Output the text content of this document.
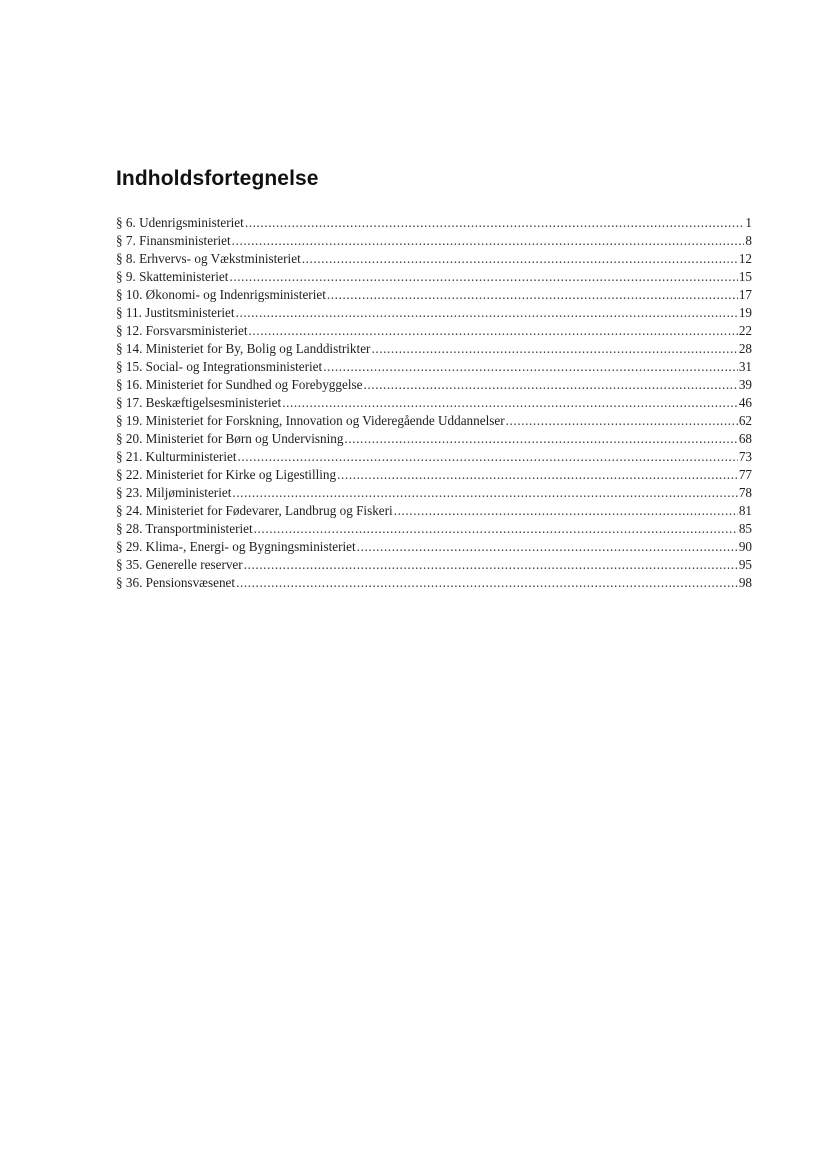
Indholdsfortegnelse
§ 6. Udenrigsministeriet .....	1
§ 7. Finansministeriet .....	8
§ 8. Erhvervs- og Vækstministeriet .....	12
§ 9. Skatteministeriet .....	15
§ 10. Økonomi- og Indenrigsministeriet .....	17
§ 11. Justitsministeriet .....	19
§ 12. Forsvarsministeriet .....	22
§ 14. Ministeriet for By, Bolig og Landdistrikter .....	28
§ 15. Social- og Integrationsministeriet .....	31
§ 16. Ministeriet for Sundhed og Forebyggelse .....	39
§ 17. Beskæftigelsesministeriet .....	46
§ 19. Ministeriet for Forskning, Innovation og Videregående Uddannelser .....	62
§ 20. Ministeriet for Børn og Undervisning .....	68
§ 21. Kulturministeriet .....	73
§ 22. Ministeriet for Kirke og Ligestilling .....	77
§ 23. Miljøministeriet .....	78
§ 24. Ministeriet for Fødevarer, Landbrug og Fiskeri .....	81
§ 28. Transportministeriet .....	85
§ 29. Klima-, Energi- og Bygningsministeriet .....	90
§ 35. Generelle reserver .....	95
§ 36. Pensionsvæsenet .....	98
